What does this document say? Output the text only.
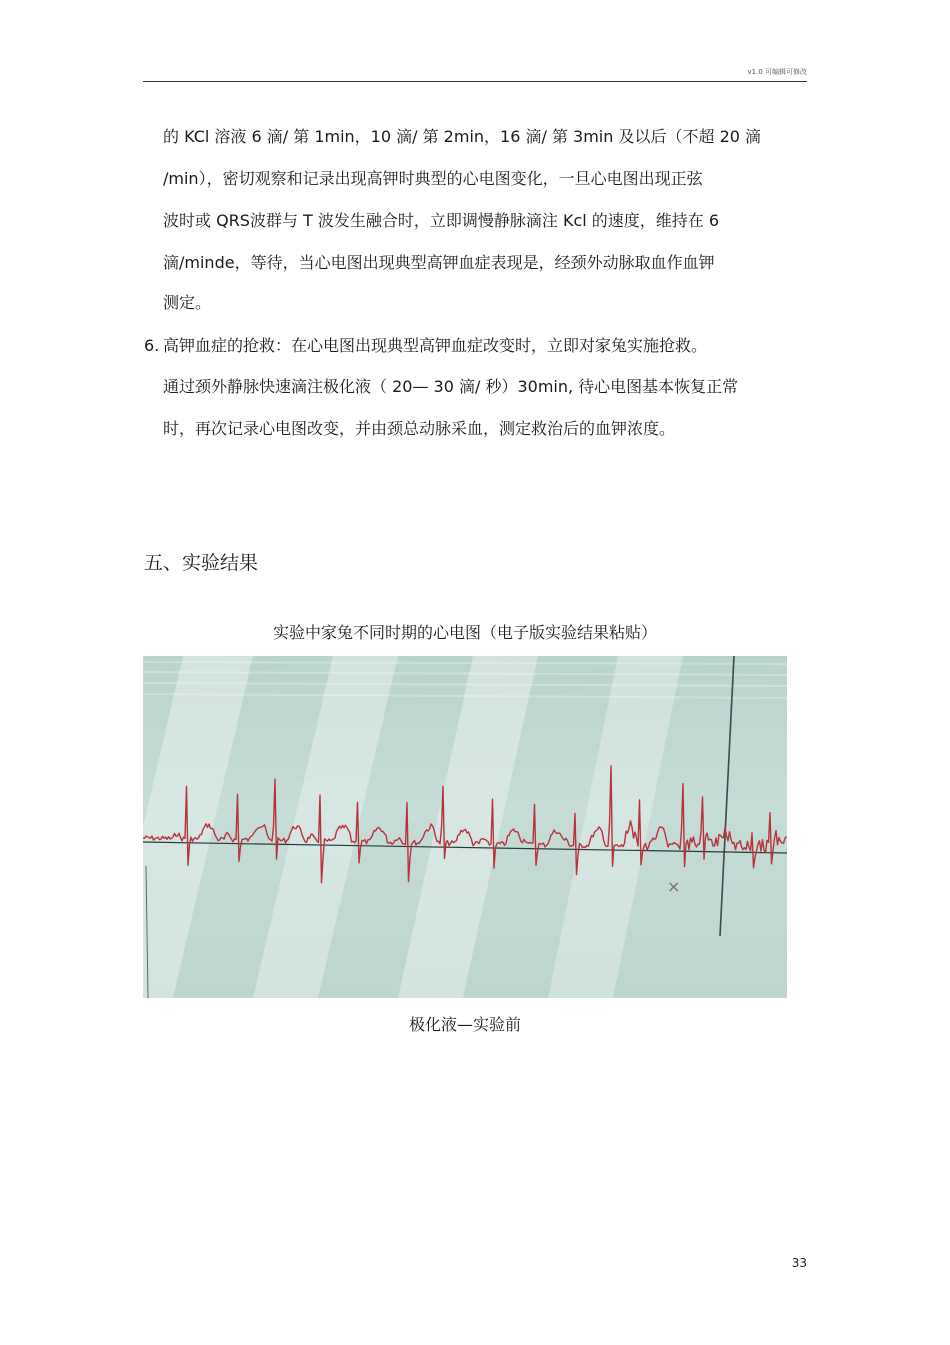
v1.0 可编辑可修改
的 KCl 溶液 6 滴/ 第 1min，10 滴/ 第 2min，16 滴/ 第 3min 及以后（不超 20 滴
/min），密切观察和记录出现高钾时典型的心电图变化，一旦心电图出现正弦
波时或 QRS波群与 T 波发生融合时，立即调慢静脉滴注 Kcl 的速度，维持在 6
滴/minde，等待，当心电图出现典型高钾血症表现是，经颈外动脉取血作血钾
测定。
6. 高钾血症的抢救：在心电图出现典型高钾血症改变时，立即对家兔实施抢救。
通过颈外静脉快速滴注极化液（ 20— 30 滴/ 秒）30min, 待心电图基本恢复正常
时，再次记录心电图改变，并由颈总动脉采血，测定救治后的血钾浓度。
五、实验结果
实验中家兔不同时期的心电图（电子版实验结果粘贴）
×
极化液—实验前
33
